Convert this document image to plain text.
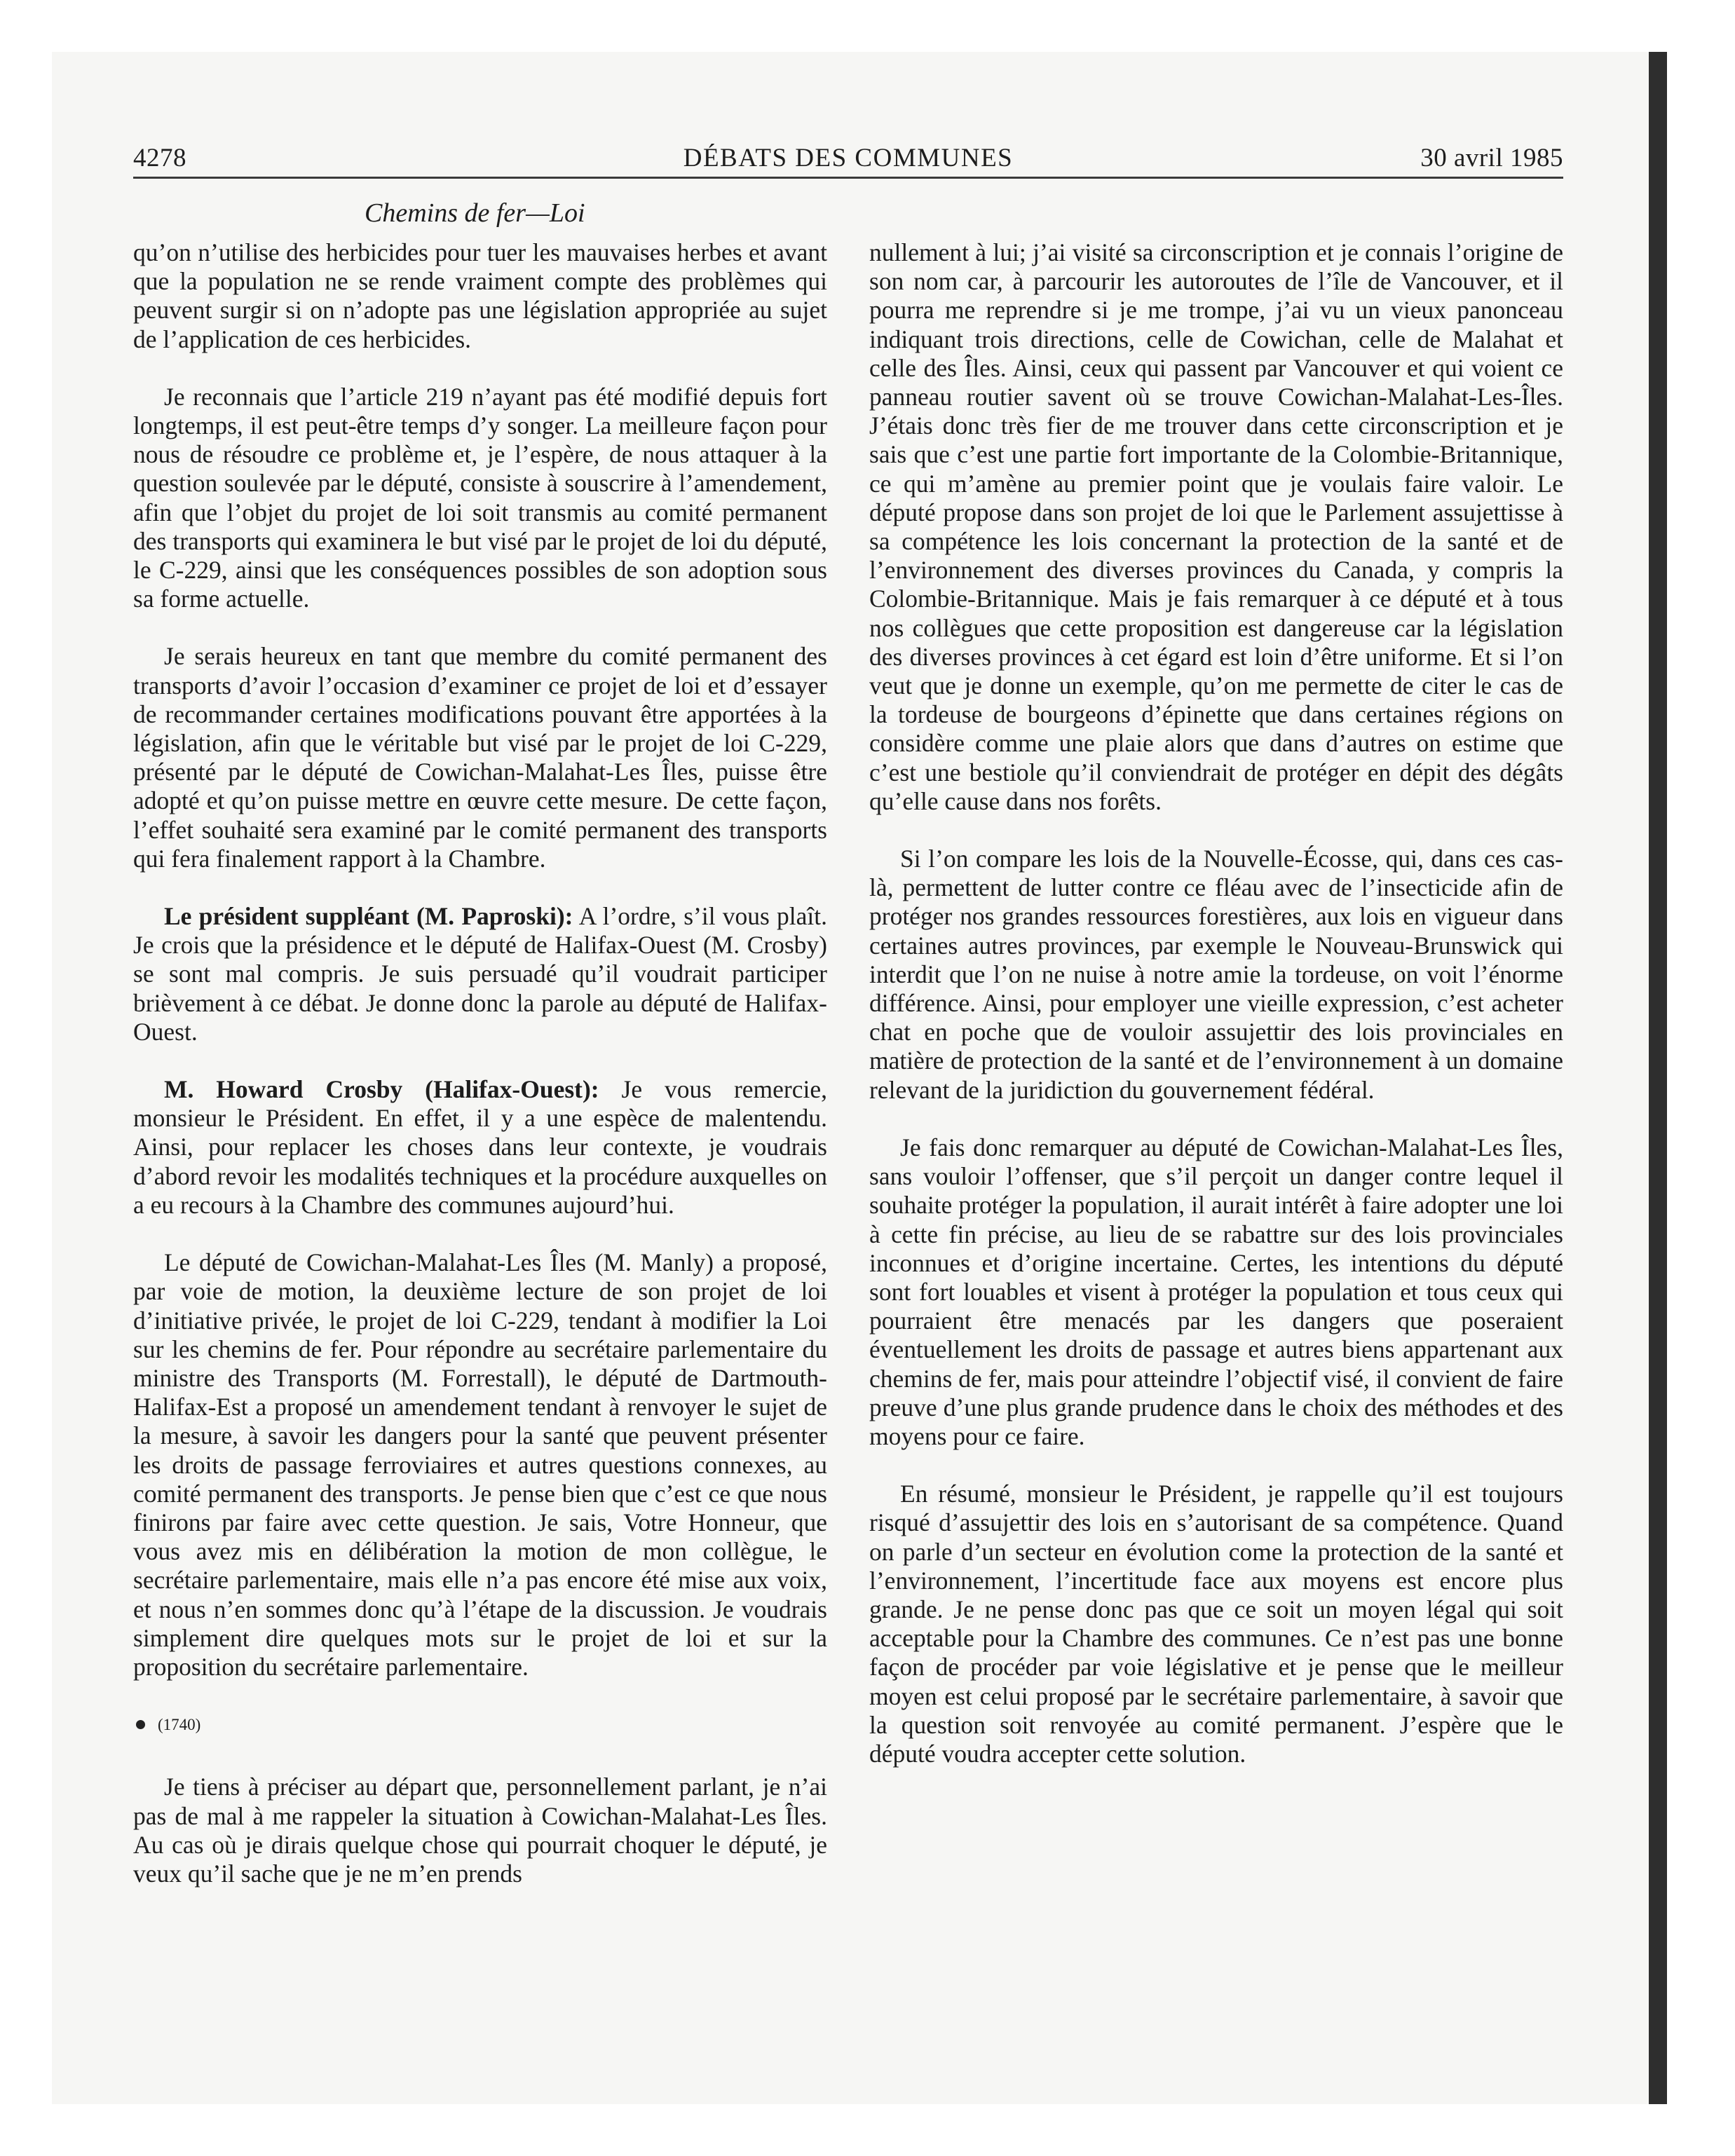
4278	DÉBATS DES COMMUNES	30 avril 1985
Chemins de fer—Loi

qu’on n’utilise des herbicides pour tuer les mauvaises herbes et avant que la population ne se rende vraiment compte des problèmes qui peuvent surgir si on n’adopte pas une législation appropriée au sujet de l’application de ces herbicides.

Je reconnais que l’article 219 n’ayant pas été modifié depuis fort longtemps, il est peut-être temps d’y songer. La meilleure façon pour nous de résoudre ce problème et, je l’espère, de nous attaquer à la question soulevée par le député, consiste à souscrire à l’amendement, afin que l’objet du projet de loi soit transmis au comité permanent des transports qui examinera le but visé par le projet de loi du député, le C-229, ainsi que les conséquences possibles de son adoption sous sa forme actuelle.

Je serais heureux en tant que membre du comité permanent des transports d’avoir l’occasion d’examiner ce projet de loi et d’essayer de recommander certaines modifications pouvant être apportées à la législation, afin que le véritable but visé par le projet de loi C-229, présenté par le député de Cowichan-Malahat-Les Îles, puisse être adopté et qu’on puisse mettre en œuvre cette mesure. De cette façon, l’effet souhaité sera examiné par le comité permanent des transports qui fera finalement rapport à la Chambre.

Le président suppléant (M. Paproski): A l’ordre, s’il vous plaît. Je crois que la présidence et le député de Halifax-Ouest (M. Crosby) se sont mal compris. Je suis persuadé qu’il voudrait participer brièvement à ce débat. Je donne donc la parole au député de Halifax-Ouest.

M. Howard Crosby (Halifax-Ouest): Je vous remercie, monsieur le Président. En effet, il y a une espèce de malentendu. Ainsi, pour replacer les choses dans leur contexte, je voudrais d’abord revoir les modalités techniques et la procédure auxquelles on a eu recours à la Chambre des communes aujourd’hui.

Le député de Cowichan-Malahat-Les Îles (M. Manly) a proposé, par voie de motion, la deuxième lecture de son projet de loi d’initiative privée, le projet de loi C-229, tendant à modifier la Loi sur les chemins de fer. Pour répondre au secrétaire parlementaire du ministre des Transports (M. Forrestall), le député de Dartmouth-Halifax-Est a proposé un amendement tendant à renvoyer le sujet de la mesure, à savoir les dangers pour la santé que peuvent présenter les droits de passage ferroviaires et autres questions connexes, au comité permanent des transports. Je pense bien que c’est ce que nous finirons par faire avec cette question. Je sais, Votre Honneur, que vous avez mis en délibération la motion de mon collègue, le secrétaire parlementaire, mais elle n’a pas encore été mise aux voix, et nous n’en sommes donc qu’à l’étape de la discussion. Je voudrais simplement dire quelques mots sur le projet de loi et sur la proposition du secrétaire parlementaire.

(1740)

Je tiens à préciser au départ que, personnellement parlant, je n’ai pas de mal à me rappeler la situation à Cowichan-Malahat-Les Îles. Au cas où je dirais quelque chose qui pourrait choquer le député, je veux qu’il sache que je ne m’en prends

nullement à lui; j’ai visité sa circonscription et je connais l’origine de son nom car, à parcourir les autoroutes de l’île de Vancouver, et il pourra me reprendre si je me trompe, j’ai vu un vieux panonceau indiquant trois directions, celle de Cowichan, celle de Malahat et celle des Îles. Ainsi, ceux qui passent par Vancouver et qui voient ce panneau routier savent où se trouve Cowichan-Malahat-Les-Îles. J’étais donc très fier de me trouver dans cette circonscription et je sais que c’est une partie fort importante de la Colombie-Britannique, ce qui m’amène au premier point que je voulais faire valoir. Le député propose dans son projet de loi que le Parlement assujettisse à sa compétence les lois concernant la protection de la santé et de l’environnement des diverses provinces du Canada, y compris la Colombie-Britannique. Mais je fais remarquer à ce député et à tous nos collègues que cette proposition est dangereuse car la législation des diverses provinces à cet égard est loin d’être uniforme. Et si l’on veut que je donne un exemple, qu’on me permette de citer le cas de la tordeuse de bourgeons d’épinette que dans certaines régions on considère comme une plaie alors que dans d’autres on estime que c’est une bestiole qu’il conviendrait de protéger en dépit des dégâts qu’elle cause dans nos forêts.

Si l’on compare les lois de la Nouvelle-Écosse, qui, dans ces cas-là, permettent de lutter contre ce fléau avec de l’insecticide afin de protéger nos grandes ressources forestières, aux lois en vigueur dans certaines autres provinces, par exemple le Nouveau-Brunswick qui interdit que l’on ne nuise à notre amie la tordeuse, on voit l’énorme différence. Ainsi, pour employer une vieille expression, c’est acheter chat en poche que de vouloir assujettir des lois provinciales en matière de protection de la santé et de l’environnement à un domaine relevant de la juridiction du gouvernement fédéral.

Je fais donc remarquer au député de Cowichan-Malahat-Les Îles, sans vouloir l’offenser, que s’il perçoit un danger contre lequel il souhaite protéger la population, il aurait intérêt à faire adopter une loi à cette fin précise, au lieu de se rabattre sur des lois provinciales inconnues et d’origine incertaine. Certes, les intentions du député sont fort louables et visent à protéger la population et tous ceux qui pourraient être menacés par les dangers que poseraient éventuellement les droits de passage et autres biens appartenant aux chemins de fer, mais pour atteindre l’objectif visé, il convient de faire preuve d’une plus grande prudence dans le choix des méthodes et des moyens pour ce faire.

En résumé, monsieur le Président, je rappelle qu’il est toujours risqué d’assujettir des lois en s’autorisant de sa compétence. Quand on parle d’un secteur en évolution come la protection de la santé et l’environnement, l’incertitude face aux moyens est encore plus grande. Je ne pense donc pas que ce soit un moyen légal qui soit acceptable pour la Chambre des communes. Ce n’est pas une bonne façon de procéder par voie législative et je pense que le meilleur moyen est celui proposé par le secrétaire parlementaire, à savoir que la question soit renvoyée au comité permanent. J’espère que le député voudra accepter cette solution.
